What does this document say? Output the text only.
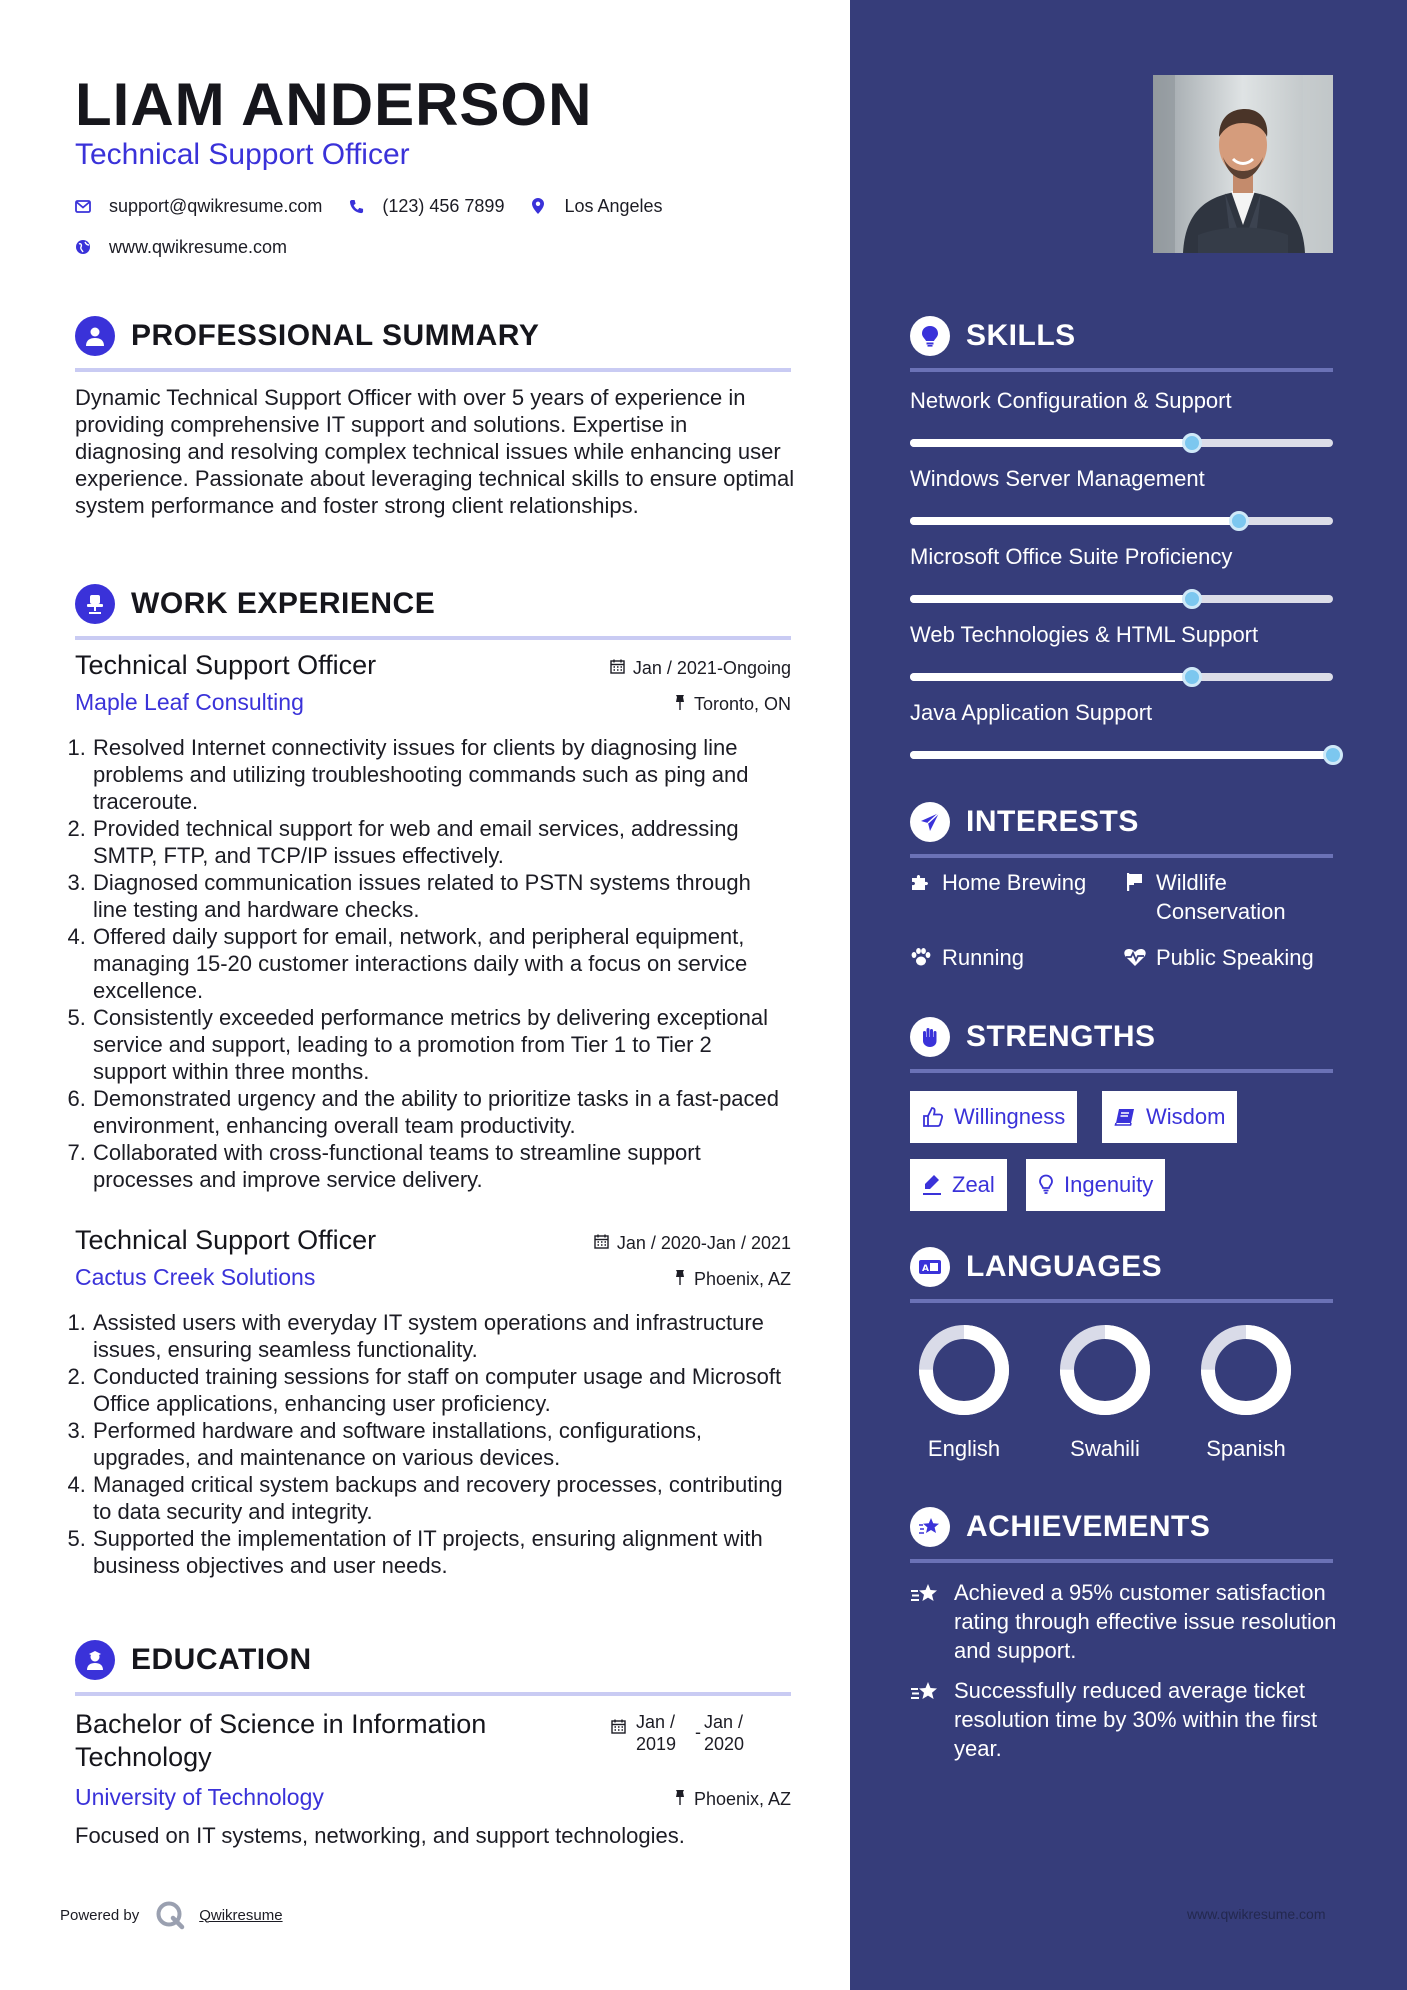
LIAM ANDERSON
Technical Support Officer
support@qwikresume.com	(123) 456 7899	Los Angeles
www.qwikresume.com
PROFESSIONAL SUMMARY
Dynamic Technical Support Officer with over 5 years of experience in providing comprehensive IT support and solutions. Expertise in diagnosing and resolving complex technical issues while enhancing user experience. Passionate about leveraging technical skills to ensure optimal system performance and foster strong client relationships.
WORK EXPERIENCE
Technical Support Officer	Jan / 2021-Ongoing
Maple Leaf Consulting	Toronto, ON
1. Resolved Internet connectivity issues for clients by diagnosing line problems and utilizing troubleshooting commands such as ping and traceroute.
2. Provided technical support for web and email services, addressing SMTP, FTP, and TCP/IP issues effectively.
3. Diagnosed communication issues related to PSTN systems through line testing and hardware checks.
4. Offered daily support for email, network, and peripheral equipment, managing 15-20 customer interactions daily with a focus on service excellence.
5. Consistently exceeded performance metrics by delivering exceptional service and support, leading to a promotion from Tier 1 to Tier 2 support within three months.
6. Demonstrated urgency and the ability to prioritize tasks in a fast-paced environment, enhancing overall team productivity.
7. Collaborated with cross-functional teams to streamline support processes and improve service delivery.
Technical Support Officer	Jan / 2020-Jan / 2021
Cactus Creek Solutions	Phoenix, AZ
1. Assisted users with everyday IT system operations and infrastructure issues, ensuring seamless functionality.
2. Conducted training sessions for staff on computer usage and Microsoft Office applications, enhancing user proficiency.
3. Performed hardware and software installations, configurations, upgrades, and maintenance on various devices.
4. Managed critical system backups and recovery processes, contributing to data security and integrity.
5. Supported the implementation of IT projects, ensuring alignment with business objectives and user needs.
EDUCATION
Bachelor of Science in Information
Technology
Jan /
2019
- Jan /
2020
University of Technology	Phoenix, AZ
Focused on IT systems, networking, and support technologies.
Powered by	Qwikresume
SKILLS
Network Configuration & Support
Windows Server Management
Microsoft Office Suite Proficiency
Web Technologies & HTML Support
Java Application Support
INTERESTS
Home Brewing	Wildlife
Conservation
Running	Public Speaking
STRENGTHS
Willingness	Wisdom
Zeal	Ingenuity
A LANGUAGES
English	Swahili	Spanish
ACHIEVEMENTS
Achieved a 95% customer satisfaction rating through effective issue resolution and support.
Successfully reduced average ticket resolution time by 30% within the first year.
www.qwikresume.com
